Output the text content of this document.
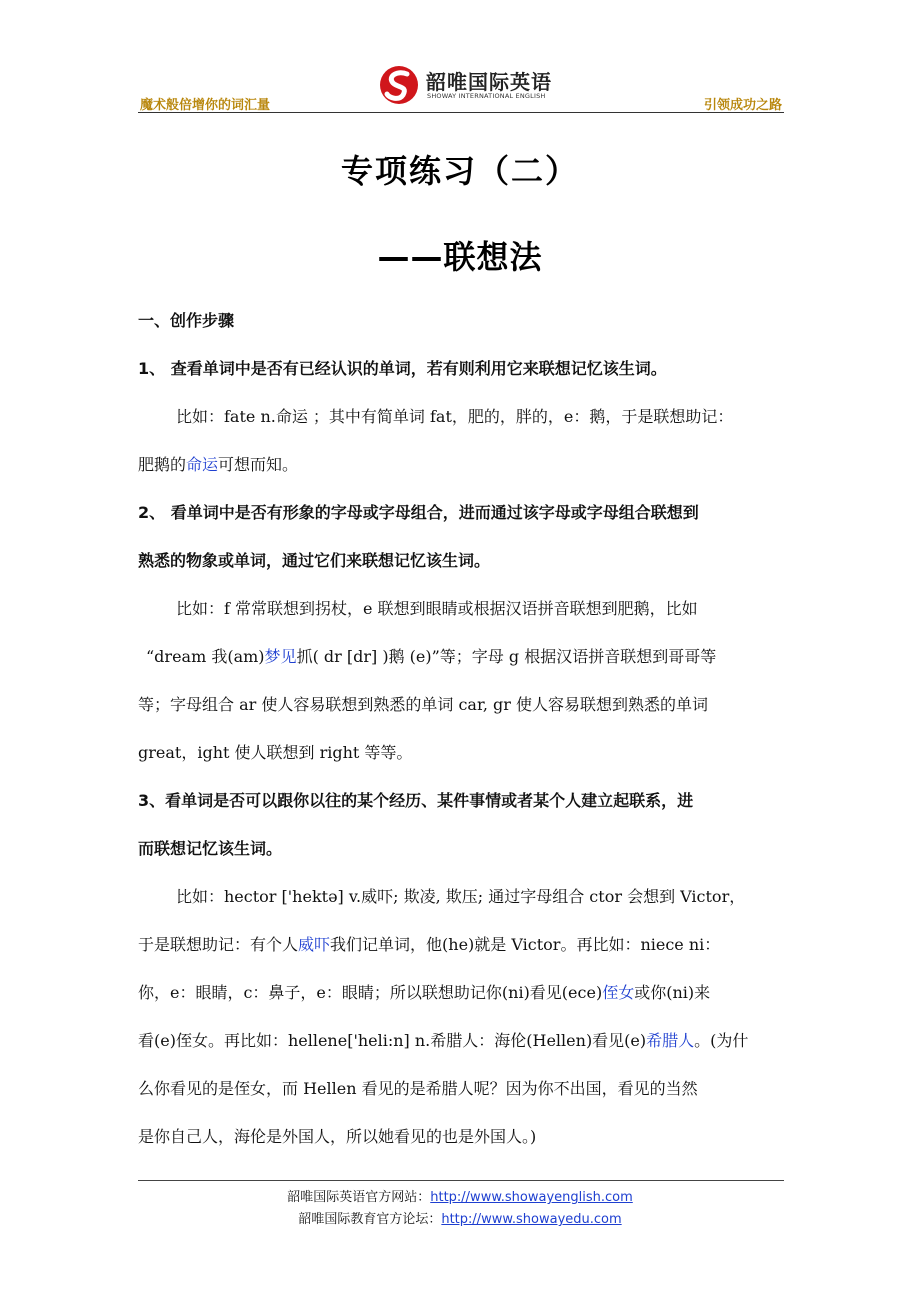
魔术般倍增你的词汇量
韶唯国际英语
SHOWAY INTERNATIONAL ENGLISH
引领成功之路
专项练习（二）
——联想法
一、创作步骤
1、 查看单词中是否有已经认识的单词，若有则利用它来联想记忆该生词。
比如：fate n.命运 ；其中有简单词 fat，肥的，胖的，e：鹅，于是联想助记：
肥鹅的命运可想而知。
2、 看单词中是否有形象的字母或字母组合，进而通过该字母或字母组合联想到
熟悉的物象或单词，通过它们来联想记忆该生词。
比如：f 常常联想到拐杖，e 联想到眼睛或根据汉语拼音联想到肥鹅，比如
“dream 我(am)梦见抓( dr [dr] )鹅 (e)”等；字母 g 根据汉语拼音联想到哥哥等
等；字母组合 ar 使人容易联想到熟悉的单词 car, gr 使人容易联想到熟悉的单词
great，ight 使人联想到 right 等等。
3、看单词是否可以跟你以往的某个经历、某件事情或者某个人建立起联系，进
而联想记忆该生词。
比如：hector ['hektə] v.威吓; 欺凌, 欺压; 通过字母组合 ctor 会想到 Victor，
于是联想助记：有个人威吓我们记单词，他(he)就是 Victor。再比如：niece ni：
你，e：眼睛，c：鼻子，e：眼睛；所以联想助记你(ni)看见(ece)侄女或你(ni)来
看(e)侄女。再比如：hellene['heli:n] n.希腊人：海伦(Hellen)看见(e)希腊人。(为什
么你看见的是侄女，而 Hellen 看见的是希腊人呢？因为你不出国，看见的当然
是你自己人，海伦是外国人，所以她看见的也是外国人。)
韶唯国际英语官方网站：http://www.showayenglish.com
韶唯国际教育官方论坛：http://www.showayedu.com
